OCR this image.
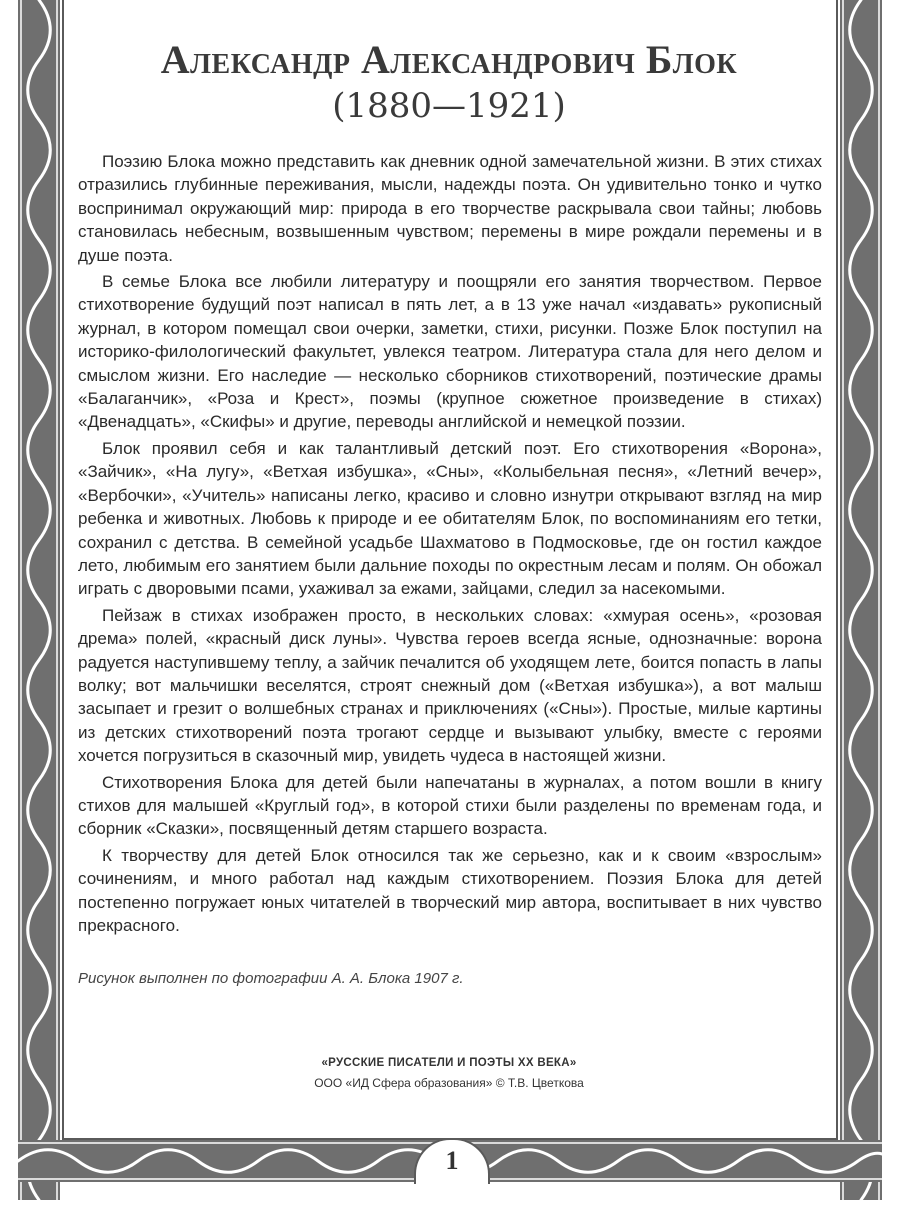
Александр Александрович Блок
(1880—1921)

Поэзию Блока можно представить как дневник одной замечательной жизни. В этих стихах отразились глубинные переживания, мысли, надежды поэта. Он удивительно тонко и чутко воспринимал окружающий мир: природа в его творчестве раскрывала свои тайны; любовь становилась небесным, возвышенным чувством; перемены в мире рождали перемены и в душе поэта.

В семье Блока все любили литературу и поощряли его занятия творчеством. Первое стихотворение будущий поэт написал в пять лет, а в 13 уже начал «издавать» рукописный журнал, в котором помещал свои очерки, заметки, стихи, рисунки. Позже Блок поступил на историко-филологический факультет, увлекся театром. Литература стала для него делом и смыслом жизни. Его наследие — несколько сборников стихотворений, поэтические драмы «Балаганчик», «Роза и Крест», поэмы (крупное сюжетное произведение в стихах) «Двенадцать», «Скифы» и другие, переводы английской и немецкой поэзии.

Блок проявил себя и как талантливый детский поэт. Его стихотворения «Ворона», «Зайчик», «На лугу», «Ветхая избушка», «Сны», «Колыбельная песня», «Летний вечер», «Вербочки», «Учитель» написаны легко, красиво и словно изнутри открывают взгляд на мир ребенка и животных. Любовь к природе и ее обитателям Блок, по воспоминаниям его тетки, сохранил с детства. В семейной усадьбе Шахматово в Подмосковье, где он гостил каждое лето, любимым его занятием были дальние походы по окрестным лесам и полям. Он обожал играть с дворовыми псами, ухаживал за ежами, зайцами, следил за насекомыми.

Пейзаж в стихах изображен просто, в нескольких словах: «хмурая осень», «розовая дрема» полей, «красный диск луны». Чувства героев всегда ясные, однозначные: ворона радуется наступившему теплу, а зайчик печалится об уходящем лете, боится попасть в лапы волку; вот мальчишки веселятся, строят снежный дом («Ветхая избушка»), а вот малыш засыпает и грезит о волшебных странах и приключениях («Сны»). Простые, милые картины из детских стихотворений поэта трогают сердце и вызывают улыбку, вместе с героями хочется погрузиться в сказочный мир, увидеть чудеса в настоящей жизни.

Стихотворения Блока для детей были напечатаны в журналах, а потом вошли в книгу стихов для малышей «Круглый год», в которой стихи были разделены по временам года, и сборник «Сказки», посвященный детям старшего возраста.

К творчеству для детей Блок относился так же серьезно, как и к своим «взрослым» сочинениям, и много работал над каждым стихотворением. Поэзия Блока для детей постепенно погружает юных читателей в творческий мир автора, воспитывает в них чувство прекрасного.

Рисунок выполнен по фотографии А. А. Блока 1907 г.
«РУССКИЕ ПИСАТЕЛИ И ПОЭТЫ XX ВЕКА»
ООО «ИД Сфера образования» © Т.В. Цветкова
1
